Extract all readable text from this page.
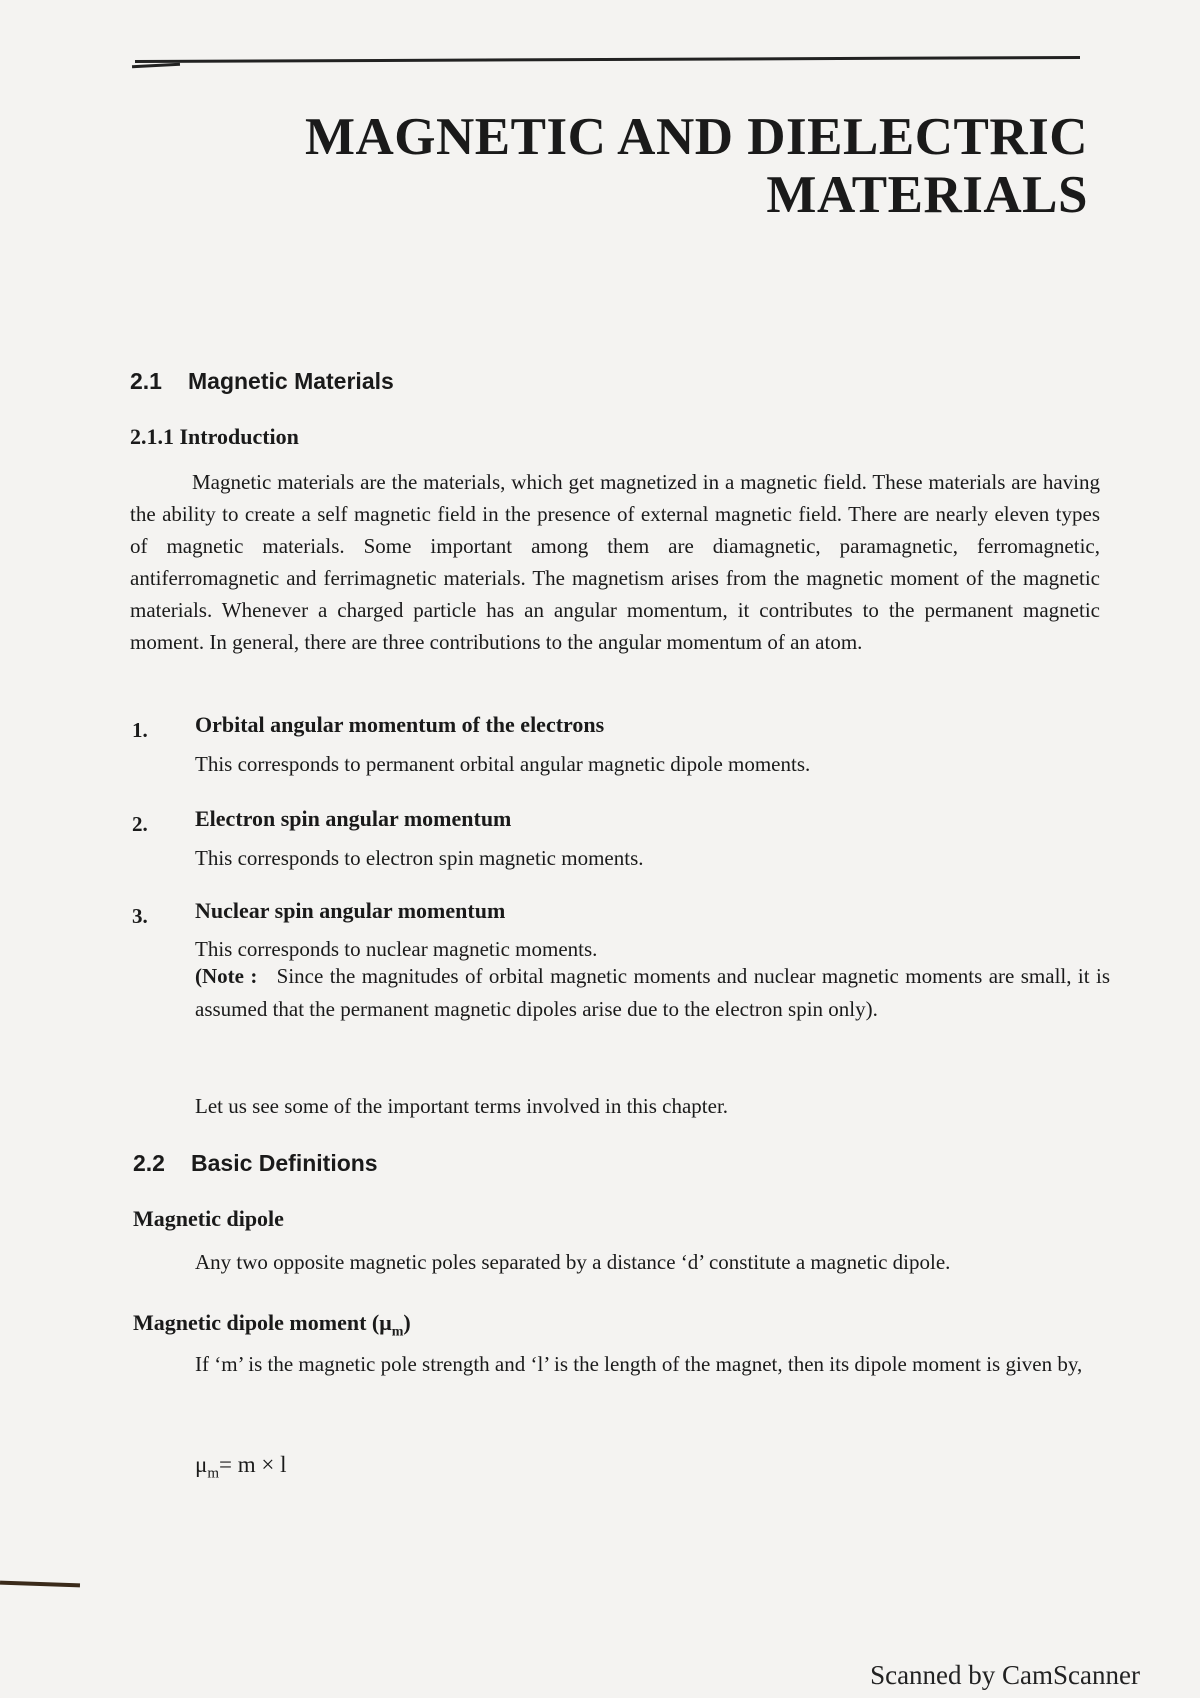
MAGNETIC AND DIELECTRIC
MATERIALS
2.1 Magnetic Materials
2.1.1 Introduction
Magnetic materials are the materials, which get magnetized in a magnetic field. These materials are having the ability to create a self magnetic field in the presence of external magnetic field. There are nearly eleven types of magnetic materials. Some important among them are diamagnetic, paramagnetic, ferromagnetic, antiferromagnetic and ferrimagnetic materials. The magnetism arises from the magnetic moment of the magnetic materials. Whenever a charged particle has an angular momentum, it contributes to the permanent magnetic moment. In general, there are three contributions to the angular momentum of an atom.
1. Orbital angular momentum of the electrons
This corresponds to permanent orbital angular magnetic dipole moments.
2. Electron spin angular momentum
This corresponds to electron spin magnetic moments.
3. Nuclear spin angular momentum
This corresponds to nuclear magnetic moments.
(Note : Since the magnitudes of orbital magnetic moments and nuclear magnetic moments are small, it is assumed that the permanent magnetic dipoles arise due to the electron spin only).
Let us see some of the important terms involved in this chapter.
2.2 Basic Definitions
Magnetic dipole
Any two opposite magnetic poles separated by a distance ‘d’ constitute a magnetic dipole.
Magnetic dipole moment $(\mu_m)$
If ‘m’ is the magnetic pole strength and ‘l’ is the length of the magnet, then its dipole moment is given by,
$\mu_m= m \times l$
Scanned by CamScanner
